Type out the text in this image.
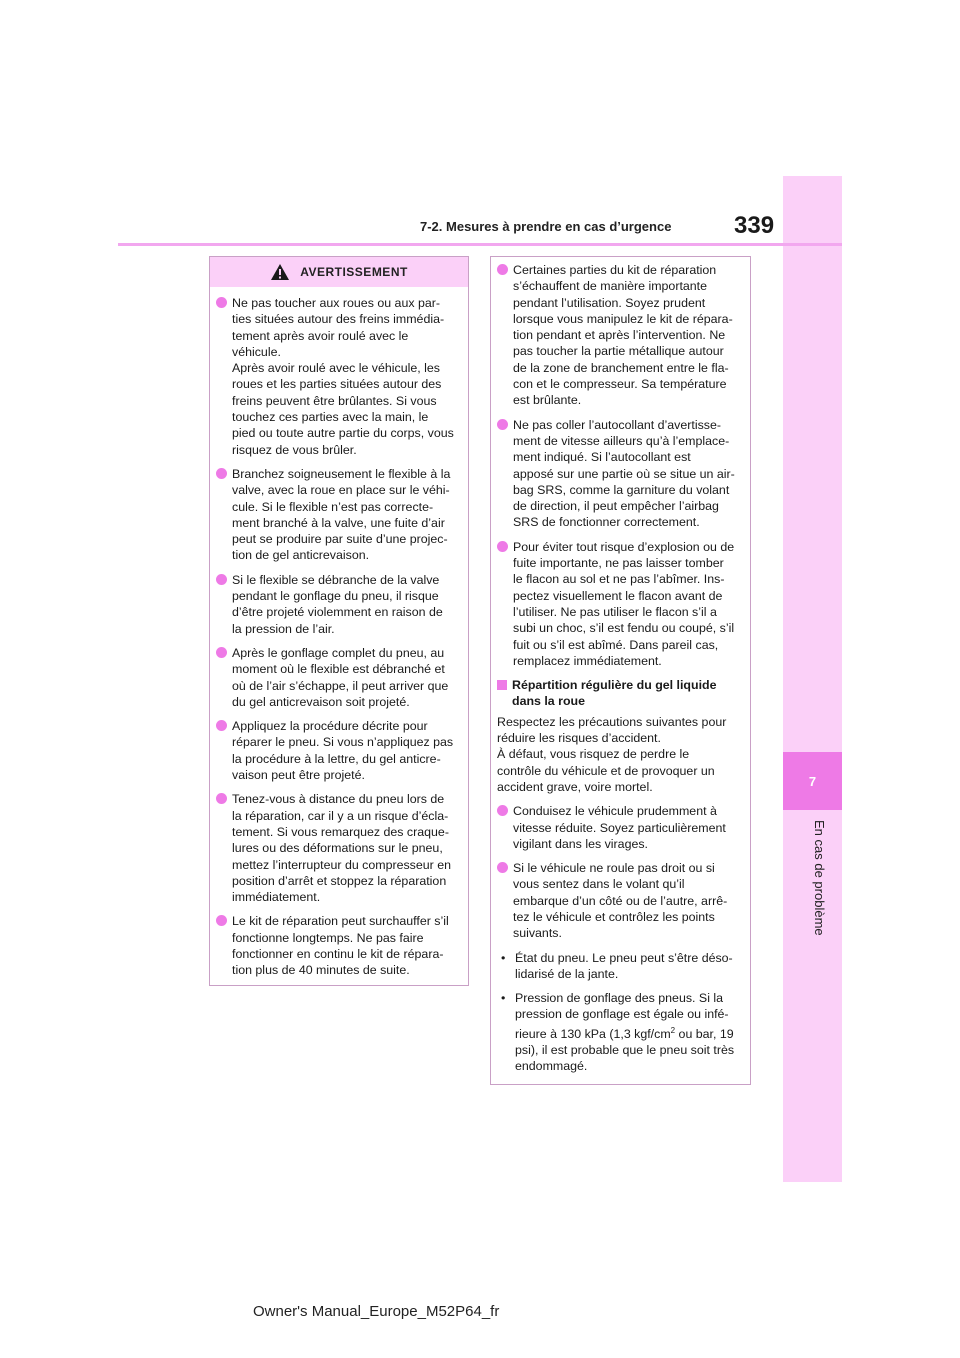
7
En cas de problème
7-2. Mesures à prendre en cas d’urgence	339
AVERTISSEMENT
Ne pas toucher aux roues ou aux par-
ties situées autour des freins immédia-
tement après avoir roulé avec le
véhicule.
Après avoir roulé avec le véhicule, les
roues et les parties situées autour des
freins peuvent être brûlantes. Si vous
touchez ces parties avec la main, le
pied ou toute autre partie du corps, vous
risquez de vous brûler.
Branchez soigneusement le flexible à la
valve, avec la roue en place sur le véhi-
cule. Si le flexible n’est pas correcte-
ment branché à la valve, une fuite d’air
peut se produire par suite d’une projec-
tion de gel anticrevaison.
Si le flexible se débranche de la valve
pendant le gonflage du pneu, il risque
d’être projeté violemment en raison de
la pression de l’air.
Après le gonflage complet du pneu, au
moment où le flexible est débranché et
où de l’air s’échappe, il peut arriver que
du gel anticrevaison soit projeté.
Appliquez la procédure décrite pour
réparer le pneu. Si vous n’appliquez pas
la procédure à la lettre, du gel anticre-
vaison peut être projeté.
Tenez-vous à distance du pneu lors de
la réparation, car il y a un risque d’écla-
tement. Si vous remarquez des craque-
lures ou des déformations sur le pneu,
mettez l’interrupteur du compresseur en
position d’arrêt et stoppez la réparation
immédiatement.
Le kit de réparation peut surchauffer s’il
fonctionne longtemps. Ne pas faire
fonctionner en continu le kit de répara-
tion plus de 40 minutes de suite.
Certaines parties du kit de réparation
s’échauffent de manière importante
pendant l’utilisation. Soyez prudent
lorsque vous manipulez le kit de répara-
tion pendant et après l’intervention. Ne
pas toucher la partie métallique autour
de la zone de branchement entre le fla-
con et le compresseur. Sa température
est brûlante.
Ne pas coller l’autocollant d’avertisse-
ment de vitesse ailleurs qu’à l’emplace-
ment indiqué. Si l’autocollant est
apposé sur une partie où se situe un air-
bag SRS, comme la garniture du volant
de direction, il peut empêcher l’airbag
SRS de fonctionner correctement.
Pour éviter tout risque d’explosion ou de
fuite importante, ne pas laisser tomber
le flacon au sol et ne pas l’abîmer. Ins-
pectez visuellement le flacon avant de
l’utiliser. Ne pas utiliser le flacon s’il a
subi un choc, s’il est fendu ou coupé, s’il
fuit ou s’il est abîmé. Dans pareil cas,
remplacez immédiatement.
Répartition régulière du gel liquide
dans la roue
Respectez les précautions suivantes pour
réduire les risques d’accident.
À défaut, vous risquez de perdre le
contrôle du véhicule et de provoquer un
accident grave, voire mortel.
Conduisez le véhicule prudemment à
vitesse réduite. Soyez particulièrement
vigilant dans les virages.
Si le véhicule ne roule pas droit ou si
vous sentez dans le volant qu’il
embarque d’un côté ou de l’autre, arrê-
tez le véhicule et contrôlez les points
suivants.
• État du pneu. Le pneu peut s’être déso-
lidarisé de la jante.
• Pression de gonflage des pneus. Si la
pression de gonflage est égale ou infé-
rieure à 130 kPa (1,3 kgf/$cm^2$ ou bar, 19
psi), il est probable que le pneu soit très
endommagé.
Owner's Manual_Europe_M52P64_fr
